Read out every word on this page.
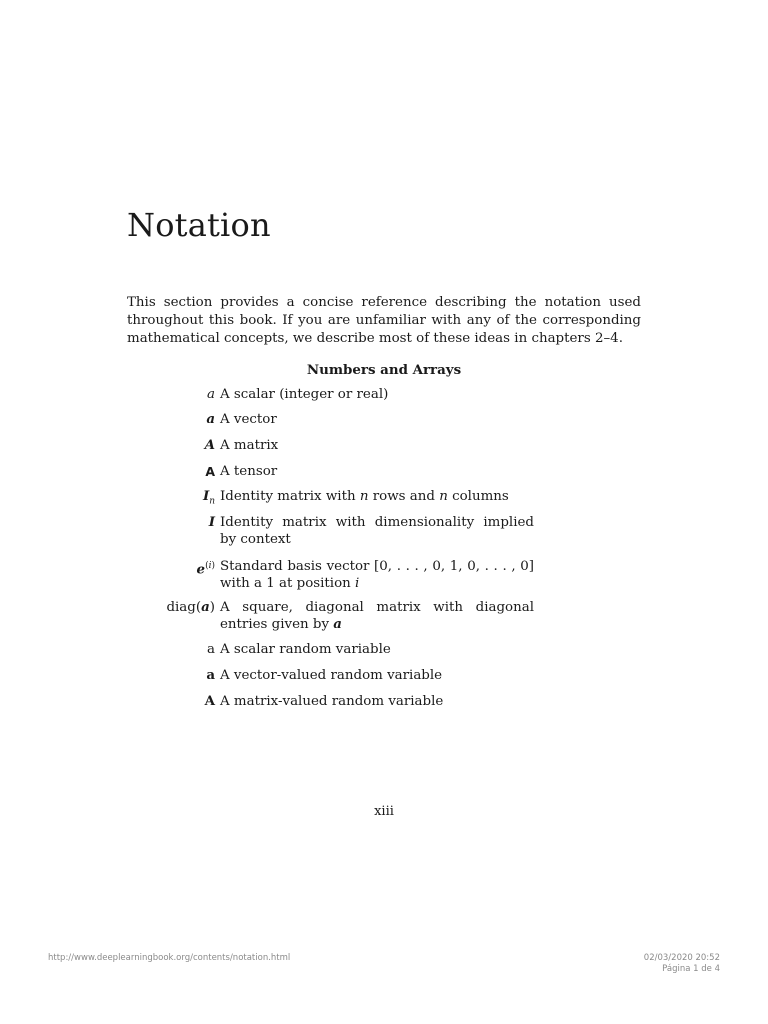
Notation

This section provides a concise reference describing the notation used throughout this book. If you are unfamiliar with any of the corresponding mathematical concepts, we describe most of these ideas in chapters 2–4.

Numbers and Arrays
a A scalar (integer or real)
a A vector
A A matrix
A A tensor
$I_n$ Identity matrix with n rows and n columns
I Identity matrix with dimensionality implied by context
$e^{(i)}$ Standard basis vector [0, . . . , 0, 1, 0, . . . , 0] with a 1 at position i
diag(a) A square, diagonal matrix with diagonal entries given by a
a A scalar random variable
a A vector-valued random variable
A A matrix-valued random variable
xiii
http://www.deeplearningbook.org/contents/notation.html	02/03/2020 20:52
Página 1 de 4
